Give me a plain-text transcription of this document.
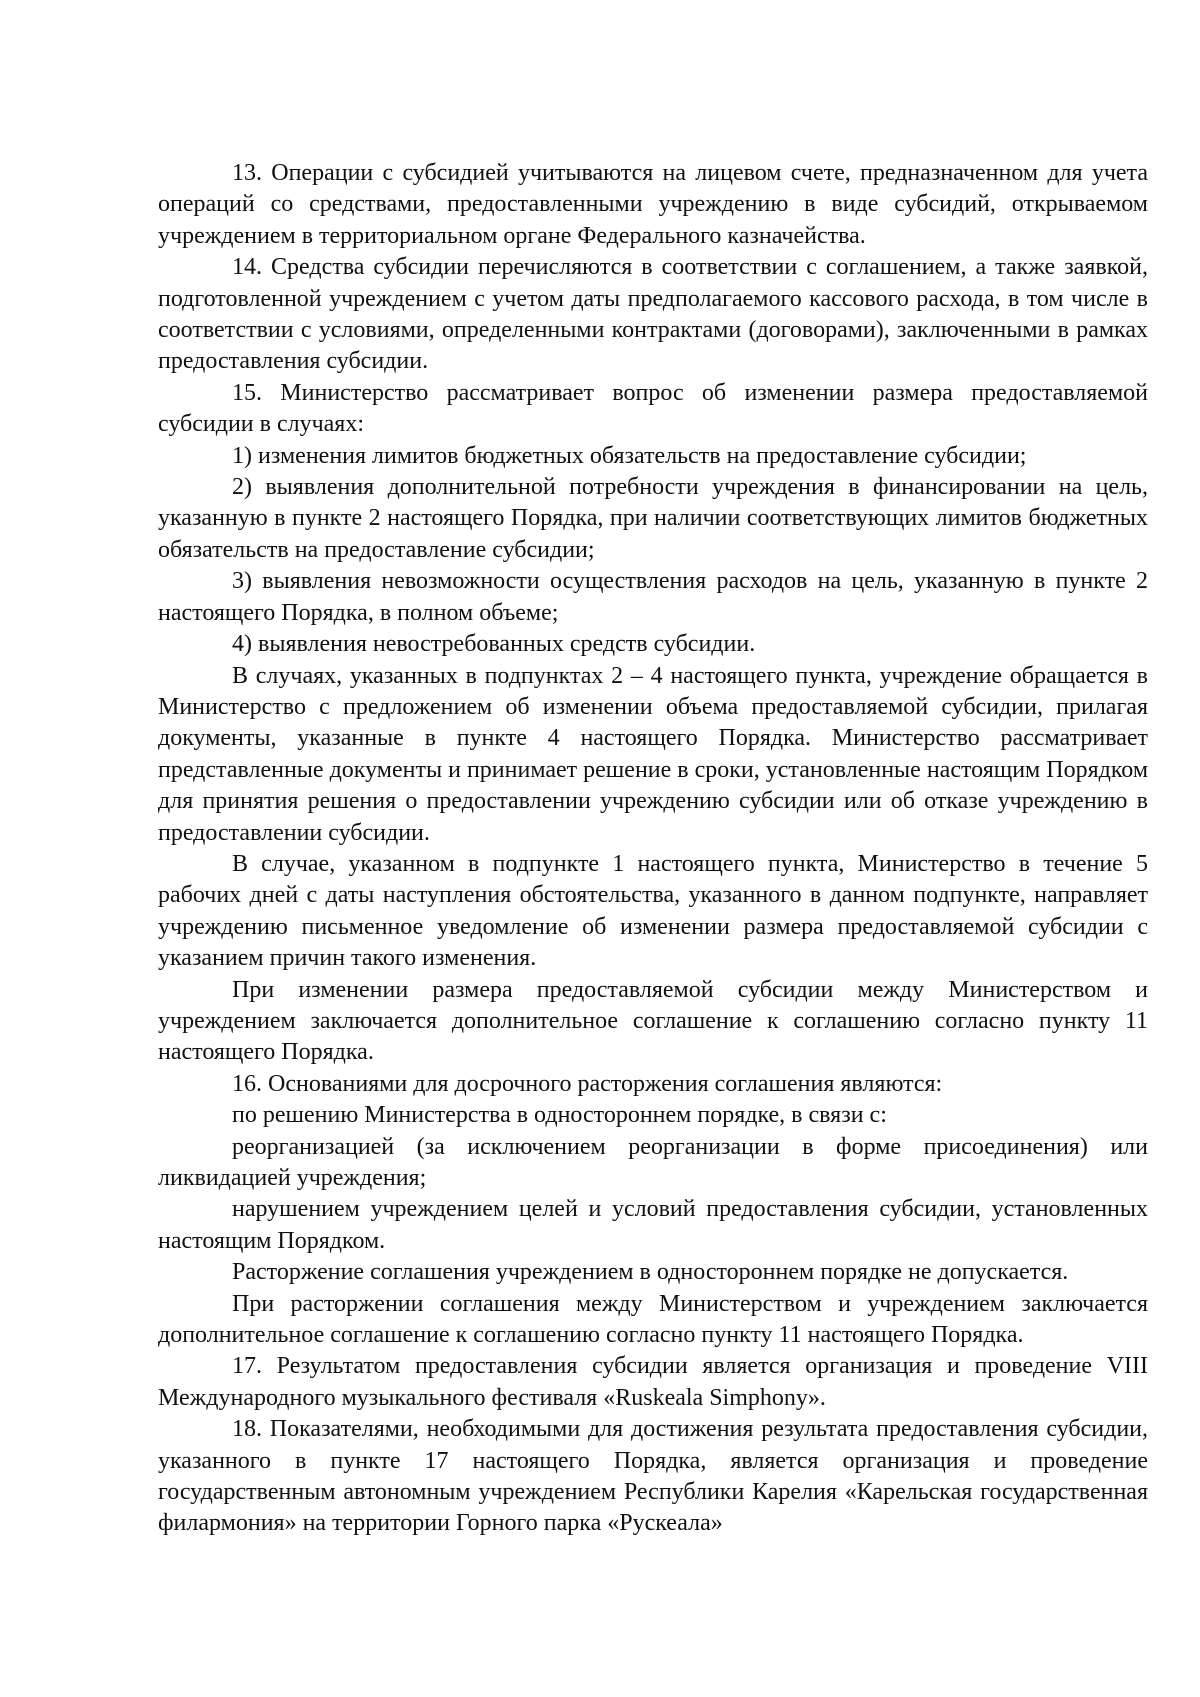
13. Операции с субсидией учитываются на лицевом счете, предназначенном для учета операций со средствами, предоставленными учреждению в виде субсидий, открываемом учреждением в территориальном органе Федерального казначейства.

14. Средства субсидии перечисляются в соответствии с соглашением, а также заявкой, подготовленной учреждением с учетом даты предполагаемого кассового расхода, в том числе в соответствии с условиями, определенными контрактами (договорами), заключенными в рамках предоставления субсидии.

15. Министерство рассматривает вопрос об изменении размера предоставляемой субсидии в случаях:

1) изменения лимитов бюджетных обязательств на предоставление субсидии;

2) выявления дополнительной потребности учреждения в финансировании на цель, указанную в пункте 2 настоящего Порядка, при наличии соответствующих лимитов бюджетных обязательств на предоставление субсидии;

3) выявления невозможности осуществления расходов на цель, указанную в пункте 2 настоящего Порядка, в полном объеме;

4) выявления невостребованных средств субсидии.

В случаях, указанных в подпунктах 2 – 4 настоящего пункта, учреждение обращается в Министерство с предложением об изменении объема предоставляемой субсидии, прилагая документы, указанные в пункте 4 настоящего Порядка. Министерство рассматривает представленные документы и принимает решение в сроки, установленные настоящим Порядком для принятия решения о предоставлении учреждению субсидии или об отказе учреждению в предоставлении субсидии.

В случае, указанном в подпункте 1 настоящего пункта, Министерство в течение 5 рабочих дней с даты наступления обстоятельства, указанного в данном подпункте, направляет учреждению письменное уведомление об изменении размера предоставляемой субсидии с указанием причин такого изменения.

При изменении размера предоставляемой субсидии между Министерством и учреждением заключается дополнительное соглашение к соглашению согласно пункту 11 настоящего Порядка.

16. Основаниями для досрочного расторжения соглашения являются:

по решению Министерства в одностороннем порядке, в связи с:

реорганизацией (за исключением реорганизации в форме присоединения) или ликвидацией учреждения;

нарушением учреждением целей и условий предоставления субсидии, установленных настоящим Порядком.

Расторжение соглашения учреждением в одностороннем порядке не допускается.

При расторжении соглашения между Министерством и учреждением заключается дополнительное соглашение к соглашению согласно пункту 11 настоящего Порядка.

17. Результатом предоставления субсидии является организация и проведение VIII Международного музыкального фестиваля «Ruskeala Simphony».

18. Показателями, необходимыми для достижения результата предоставления субсидии, указанного в пункте 17 настоящего Порядка, является организация и проведение государственным автономным учреждением Республики Карелия «Карельская государственная филармония» на территории Горного парка «Рускеала»
